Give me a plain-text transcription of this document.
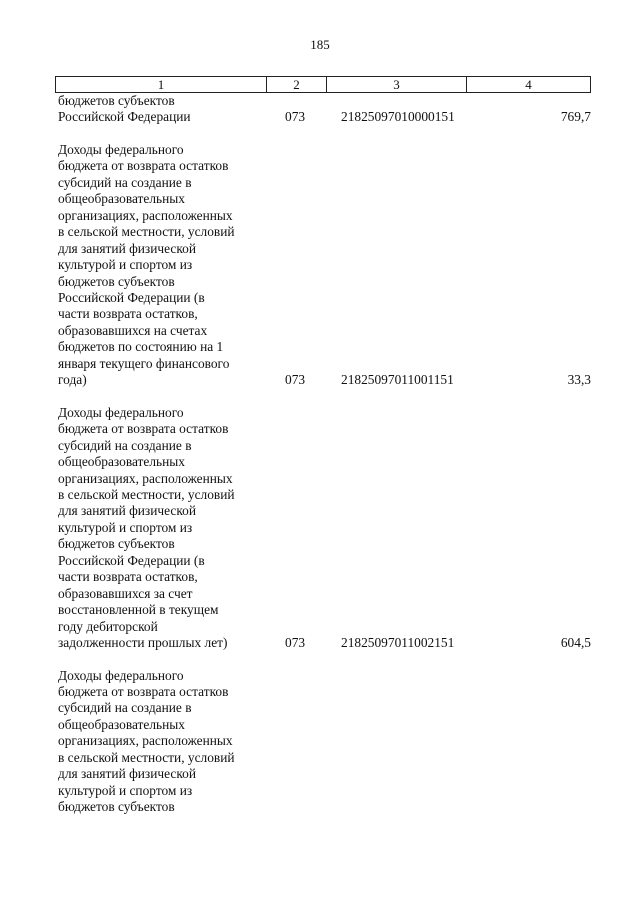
185
1	2	3	4
бюджетов субъектов
Российской Федерации	073	21825097010000151	769,7
Доходы федерального
бюджета от возврата остатков
субсидий на создание в
общеобразовательных
организациях, расположенных
в сельской местности, условий
для занятий физической
культурой и спортом из
бюджетов субъектов
Российской Федерации (в
части возврата остатков,
образовавшихся на счетах
бюджетов по состоянию на 1
января текущего финансового
года)	073	21825097011001151	33,3
Доходы федерального
бюджета от возврата остатков
субсидий на создание в
общеобразовательных
организациях, расположенных
в сельской местности, условий
для занятий физической
культурой и спортом из
бюджетов субъектов
Российской Федерации (в
части возврата остатков,
образовавшихся за счет
восстановленной в текущем
году дебиторской
задолженности прошлых лет)	073	21825097011002151	604,5
Доходы федерального
бюджета от возврата остатков
субсидий на создание в
общеобразовательных
организациях, расположенных
в сельской местности, условий
для занятий физической
культурой и спортом из
бюджетов субъектов
